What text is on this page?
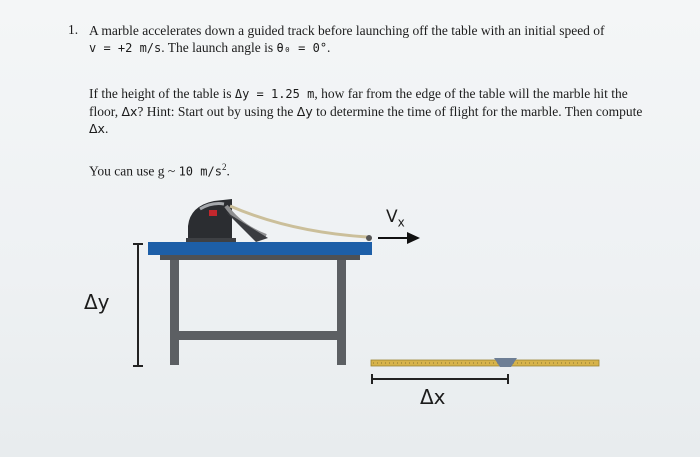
1. A marble accelerates down a guided track before launching off the table with an initial speed of
v = +2 m/s. The launch angle is θ₀ = 0°.
If the height of the table is Δy = 1.25 m, how far from the edge of the table will the marble hit the floor, Δx? Hint: Start out by using the Δy to determine the time of flight for the marble. Then compute Δx.
You can use g ~ 10 $m/s^2$.
Δy
Δx
$V_x$
